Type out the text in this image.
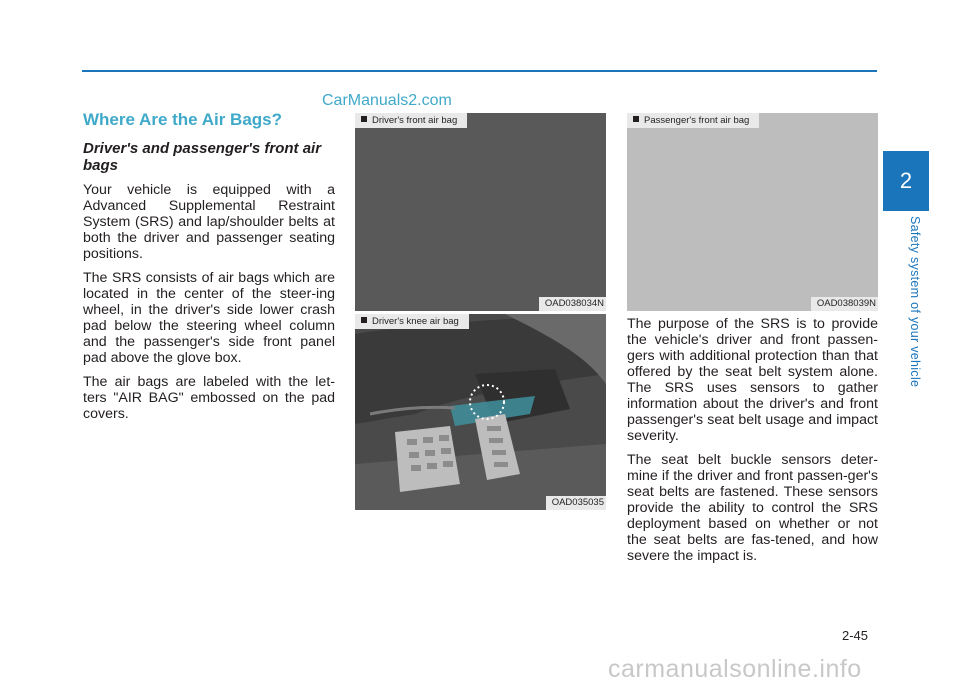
CarManuals2.com
Where Are the Air Bags?
Driver's and passenger's front air bags

Your vehicle is equipped with a Advanced Supplemental Restraint System (SRS) and lap/shoulder belts at both the driver and passenger seating positions.

The SRS consists of air bags which are located in the center of the steer-ing wheel, in the driver's side lower crash pad below the steering wheel column and the passenger's side front panel pad above the glove box.

The air bags are labeled with the let-ters "AIR BAG" embossed on the pad covers.

Driver's front air bag
OAD038034N
Driver's knee air bag
OAD035035
Passenger's front air bag
OAD038039N

The purpose of the SRS is to provide the vehicle's driver and front passen-gers with additional protection than that offered by the seat belt system alone. The SRS uses sensors to gather information about the driver's and front passenger's seat belt usage and impact severity.

The seat belt buckle sensors deter-mine if the driver and front passen-ger's seat belts are fastened. These sensors provide the ability to control the SRS deployment based on whether or not the seat belts are fas-tened, and how severe the impact is.

2
Safety system of your vehicle
2-45
carmanualsonline.info
